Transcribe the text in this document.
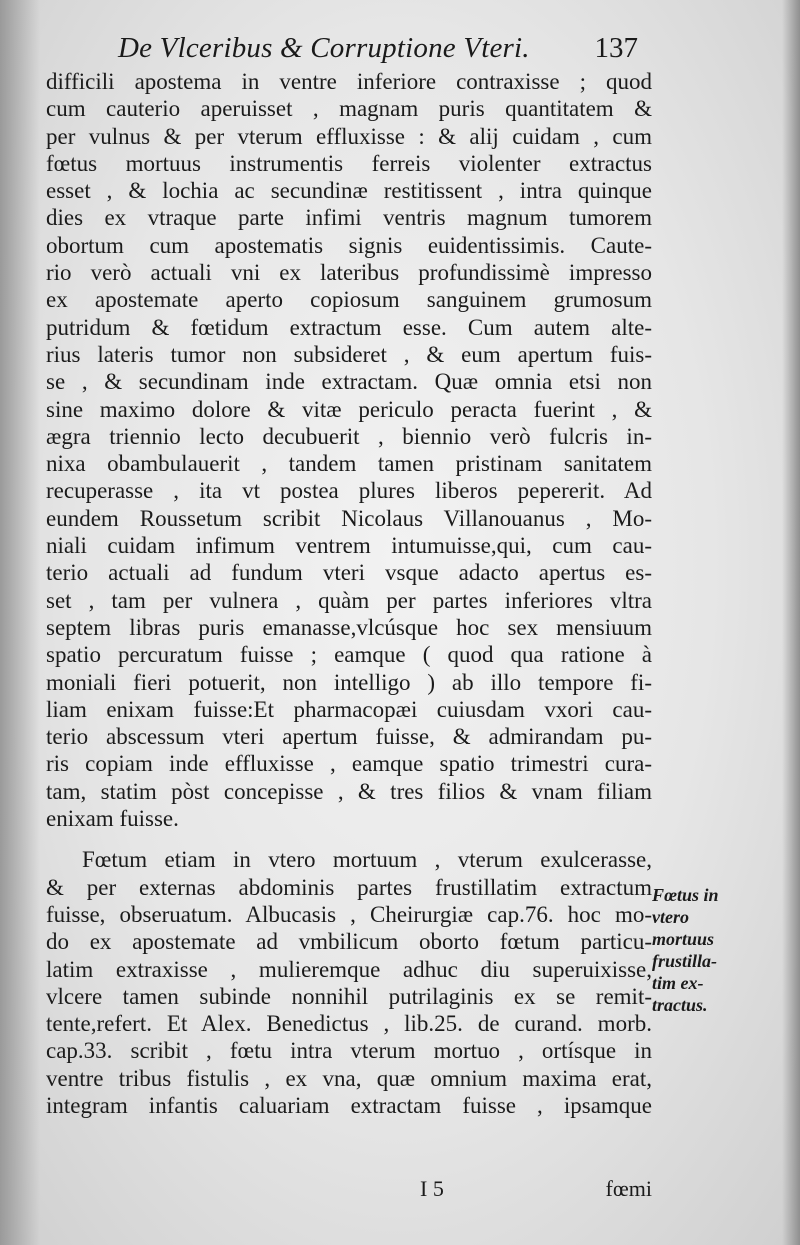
De Vlceribus & Corruptione Vteri. 137
difficili apostema in ventre inferiore contraxisse ; quod
cum cauterio aperuisset , magnam puris quantitatem &
per vulnus & per vterum effluxisse : & alij cuidam , cum
fœtus mortuus instrumentis ferreis violenter extractus
esset , & lochia ac secundinæ restitissent , intra quinque
dies ex vtraque parte infimi ventris magnum tumorem
obortum cum apostematis signis euidentissimis. Caute-
rio verò actuali vni ex lateribus profundissimè impresso
ex apostemate aperto copiosum sanguinem grumosum
putridum & fœtidum extractum esse. Cum autem alte-
rius lateris tumor non subsideret , & eum apertum fuis-
se , & secundinam inde extractam. Quæ omnia etsi non
sine maximo dolore & vitæ periculo peracta fuerint , &
ægra triennio lecto decubuerit , biennio verò fulcris in-
nixa obambulauerit , tandem tamen pristinam sanitatem
recuperasse , ita vt postea plures liberos pepererit. Ad
eundem Roussetum scribit Nicolaus Villanouanus , Mo-
niali cuidam infimum ventrem intumuisse,qui, cum cau-
terio actuali ad fundum vteri vsque adacto apertus es-
set , tam per vulnera , quàm per partes inferiores vltra
septem libras puris emanasse,vlcúsque hoc sex mensiuum
spatio percuratum fuisse ; eamque ( quod qua ratione à
moniali fieri potuerit, non intelligo ) ab illo tempore fi-
liam enixam fuisse:Et pharmacopæi cuiusdam vxori cau-
terio abscessum vteri apertum fuisse, & admirandam pu-
ris copiam inde effluxisse , eamque spatio trimestri cura-
tam, statim pòst concepisse , & tres filios & vnam filiam
enixam fuisse.
Fœtum etiam in vtero mortuum , vterum exulcerasse,
& per externas abdominis partes frustillatim extractum
fuisse, obseruatum. Albucasis , Cheirurgiæ cap.76. hoc mo-
do ex apostemate ad vmbilicum oborto fœtum particu-
latim extraxisse , mulieremque adhuc diu superuixisse,
vlcere tamen subinde nonnihil putrilaginis ex se remit-
tente,refert. Et Alex. Benedictus , lib.25. de curand. morb.
cap.33. scribit , fœtu intra vterum mortuo , ortísque in
ventre tribus fistulis , ex vna, quæ omnium maxima erat,
integram infantis caluariam extractam fuisse , ipsamque
Fœtus in
vtero
mortuus
frustilla-
tim ex-
tractus.
I 5	fœmi
